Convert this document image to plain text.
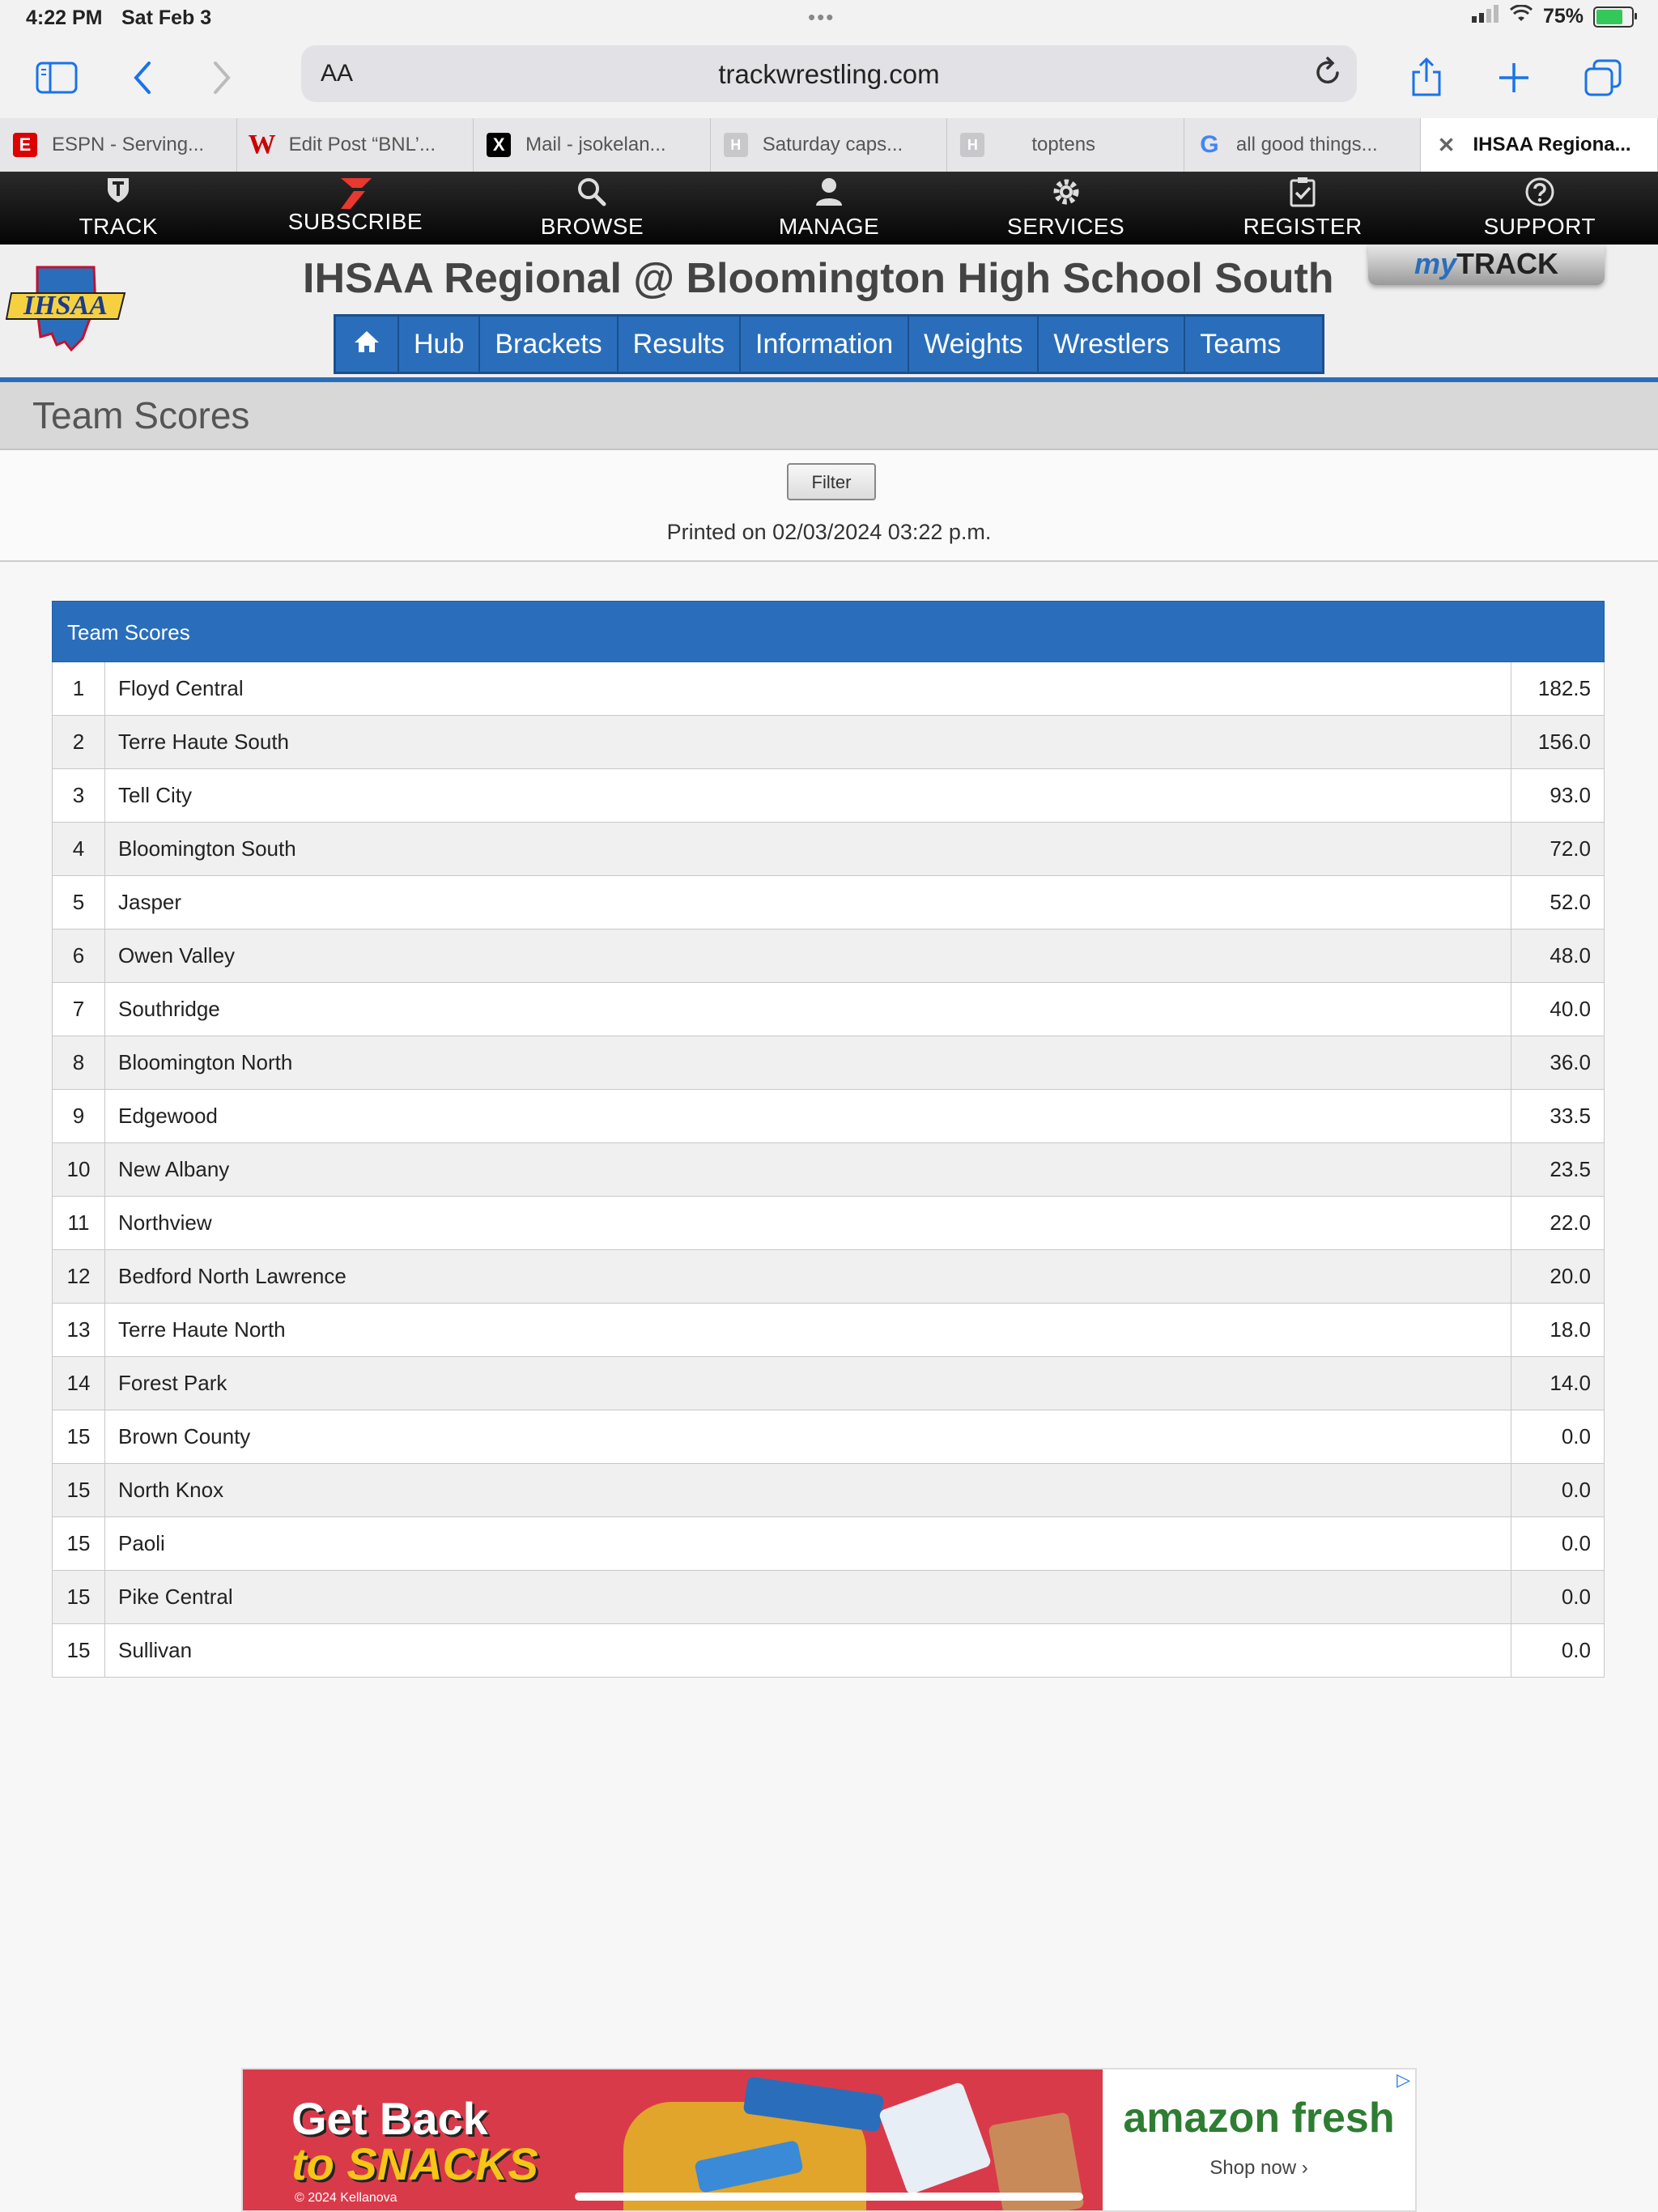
4:22 PM Sat Feb 3	•••	75%
AA	trackwrestling.com
E	ESPN - Serving... W Edit Post “BNL’...	X	Mail - jsokelan...	H	Saturday caps...	H	toptens	G all good things...	✕ IHSAA Regiona...
TRACK	SUBSCRIBE	BROWSE	MANAGE	SERVICES	REGISTER	SUPPORT
IHSAA
IHSAA Regional @ Bloomington High School South	myTRACK
Hub	Brackets	Results	Information	Weights	Wrestlers	Teams
Team Scores
Filter
Printed on 02/03/2024 03:22 p.m.
Team Scores
1	Floyd Central	182.5
2	Terre Haute South	156.0
3	Tell City	93.0
4	Bloomington South	72.0
5	Jasper	52.0
6	Owen Valley	48.0
7	Southridge	40.0
8	Bloomington North	36.0
9	Edgewood	33.5
10	New Albany	23.5
11	Northview	22.0
12	Bedford North Lawrence	20.0
13	Terre Haute North	18.0
14	Forest Park	14.0
15	Brown County	0.0
15	North Knox	0.0
15	Paoli	0.0
15	Pike Central	0.0
15	Sullivan	0.0
Get Back
to SNACKS
© 2024 Kellanova
▷
amazon fresh
Shop now ›
